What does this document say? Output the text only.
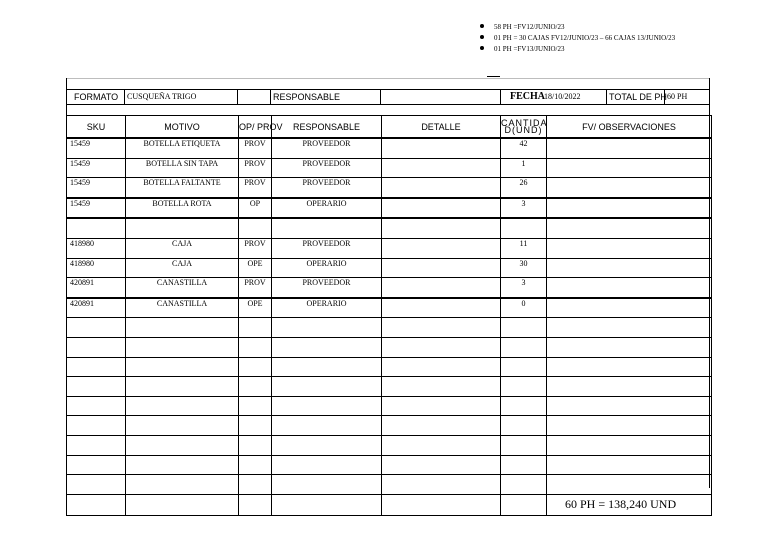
58 PH =FV12/JUNIO/23
01 PH = 30 CAJAS FV12/JUNIO/23 – 66 CAJAS 13/JUNIO/23
01 PH =FV13/JUNIO/23
FORMATO CUSQUEÑA TRIGO	RESPONSABLE	FECHA 18/10/2022	TOTAL DE PH 60 PH
SKU	MOTIVO	OP/ PROV	RESPONSABLE	DETALLE	CANTIDA D(UND)	FV/ OBSERVACIONES
15459	BOTELLA ETIQUETA	PROV	PROVEEDOR		42	
15459	BOTELLA SIN TAPA	PROV	PROVEEDOR		1	
15459	BOTELLA FALTANTE	PROV	PROVEEDOR		26	
15459	BOTELLA ROTA	OP	OPERARIO		3	

418980	CAJA	PROV	PROVEEDOR		11	
418980	CAJA	OPE	OPERARIO		30	
420891	CANASTILLA	PROV	PROVEEDOR		3	
420891	CANASTILLA	OPE	OPERARIO		0	

						60 PH = 138,240 UND
